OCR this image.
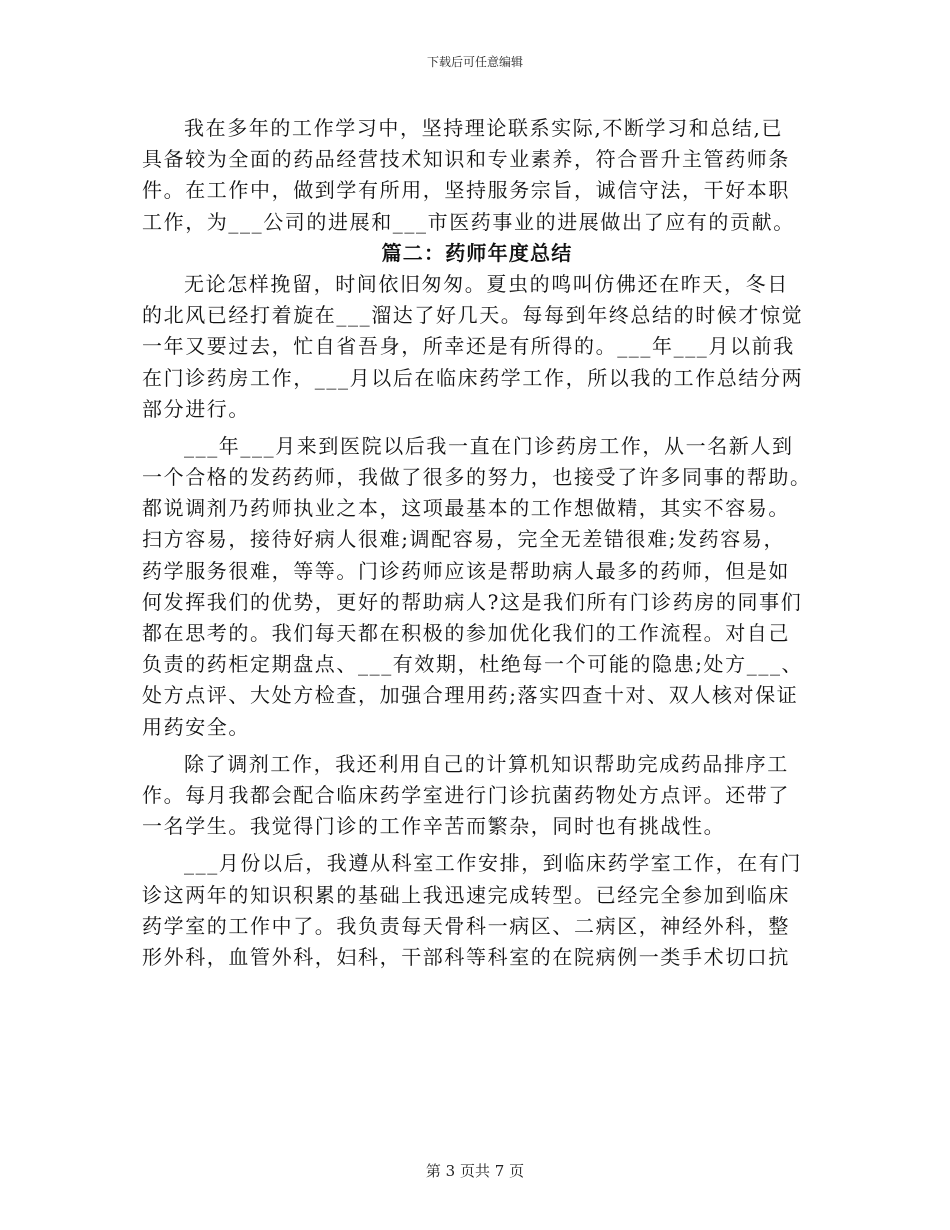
下载后可任意编辑
我在多年的工作学习中，坚持理论联系实际,不断学习和总结,已
具备较为全面的药品经营技术知识和专业素养，符合晋升主管药师条
件。在工作中，做到学有所用，坚持服务宗旨，诚信守法，干好本职
工作，为___公司的进展和___市医药事业的进展做出了应有的贡献。
篇二：药师年度总结
无论怎样挽留，时间依旧匆匆。夏虫的鸣叫仿佛还在昨天，冬日
的北风已经打着旋在___溜达了好几天。每每到年终总结的时候才惊觉
一年又要过去，忙自省吾身，所幸还是有所得的。___年___月以前我
在门诊药房工作，___月以后在临床药学工作，所以我的工作总结分两
部分进行。
___年___月来到医院以后我一直在门诊药房工作，从一名新人到
一个合格的发药药师，我做了很多的努力，也接受了许多同事的帮助。
都说调剂乃药师执业之本，这项最基本的工作想做精，其实不容易。
扫方容易，接待好病人很难;调配容易，完全无差错很难;发药容易，
药学服务很难，等等。门诊药师应该是帮助病人最多的药师，但是如
何发挥我们的优势，更好的帮助病人?这是我们所有门诊药房的同事们
都在思考的。我们每天都在积极的参加优化我们的工作流程。对自己
负责的药柜定期盘点、___有效期，杜绝每一个可能的隐患;处方___、
处方点评、大处方检查，加强合理用药;落实四查十对、双人核对保证
用药安全。
除了调剂工作，我还利用自己的计算机知识帮助完成药品排序工
作。每月我都会配合临床药学室进行门诊抗菌药物处方点评。还带了
一名学生。我觉得门诊的工作辛苦而繁杂，同时也有挑战性。
___月份以后，我遵从科室工作安排，到临床药学室工作，在有门
诊这两年的知识积累的基础上我迅速完成转型。已经完全参加到临床
药学室的工作中了。我负责每天骨科一病区、二病区，神经外科，整
形外科，血管外科，妇科，干部科等科室的在院病例一类手术切口抗
第 3 页共 7 页
